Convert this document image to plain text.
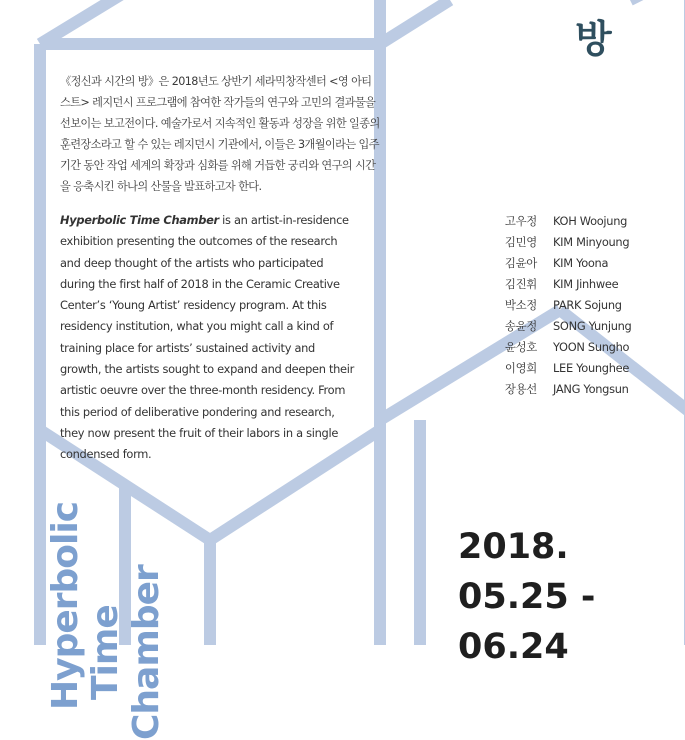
방

《정신과 시간의 방》은 2018년도 상반기 세라믹창작센터 <영 아티스트> 레지던시 프로그램에 참여한 작가들의 연구와 고민의 결과물을 선보이는 보고전이다. 예술가로서 지속적인 활동과 성장을 위한 일종의 훈련장소라고 할 수 있는 레지던시 기관에서, 이들은 3개월이라는 입주기간 동안 작업 세계의 확장과 심화를 위해 거듭한 궁리와 연구의 시간을 응축시킨 하나의 산물을 발표하고자 한다.

Hyperbolic Time Chamber is an artist-in-residence exhibition presenting the outcomes of the research and deep thought of the artists who participated during the first half of 2018 in the Ceramic Creative Center’s ‘Young Artist’ residency program. At this residency institution, what you might call a kind of training place for artists’ sustained activity and growth, the artists sought to expand and deepen their artistic oeuvre over the three-month residency. From this period of deliberative pondering and research, they now present the fruit of their labors in a single condensed form.

고우정	KOH Woojung
김민영	KIM Minyoung
김윤아	KIM Yoona
김진휘	KIM Jinhwee
박소정	PARK Sojung
송윤정	SONG Yunjung
윤성호	YOON Sungho
이영희	LEE Younghee
장용선	JANG Yongsun

Hyperbolic Time Chamber

2018.
05.25 -
06.24
